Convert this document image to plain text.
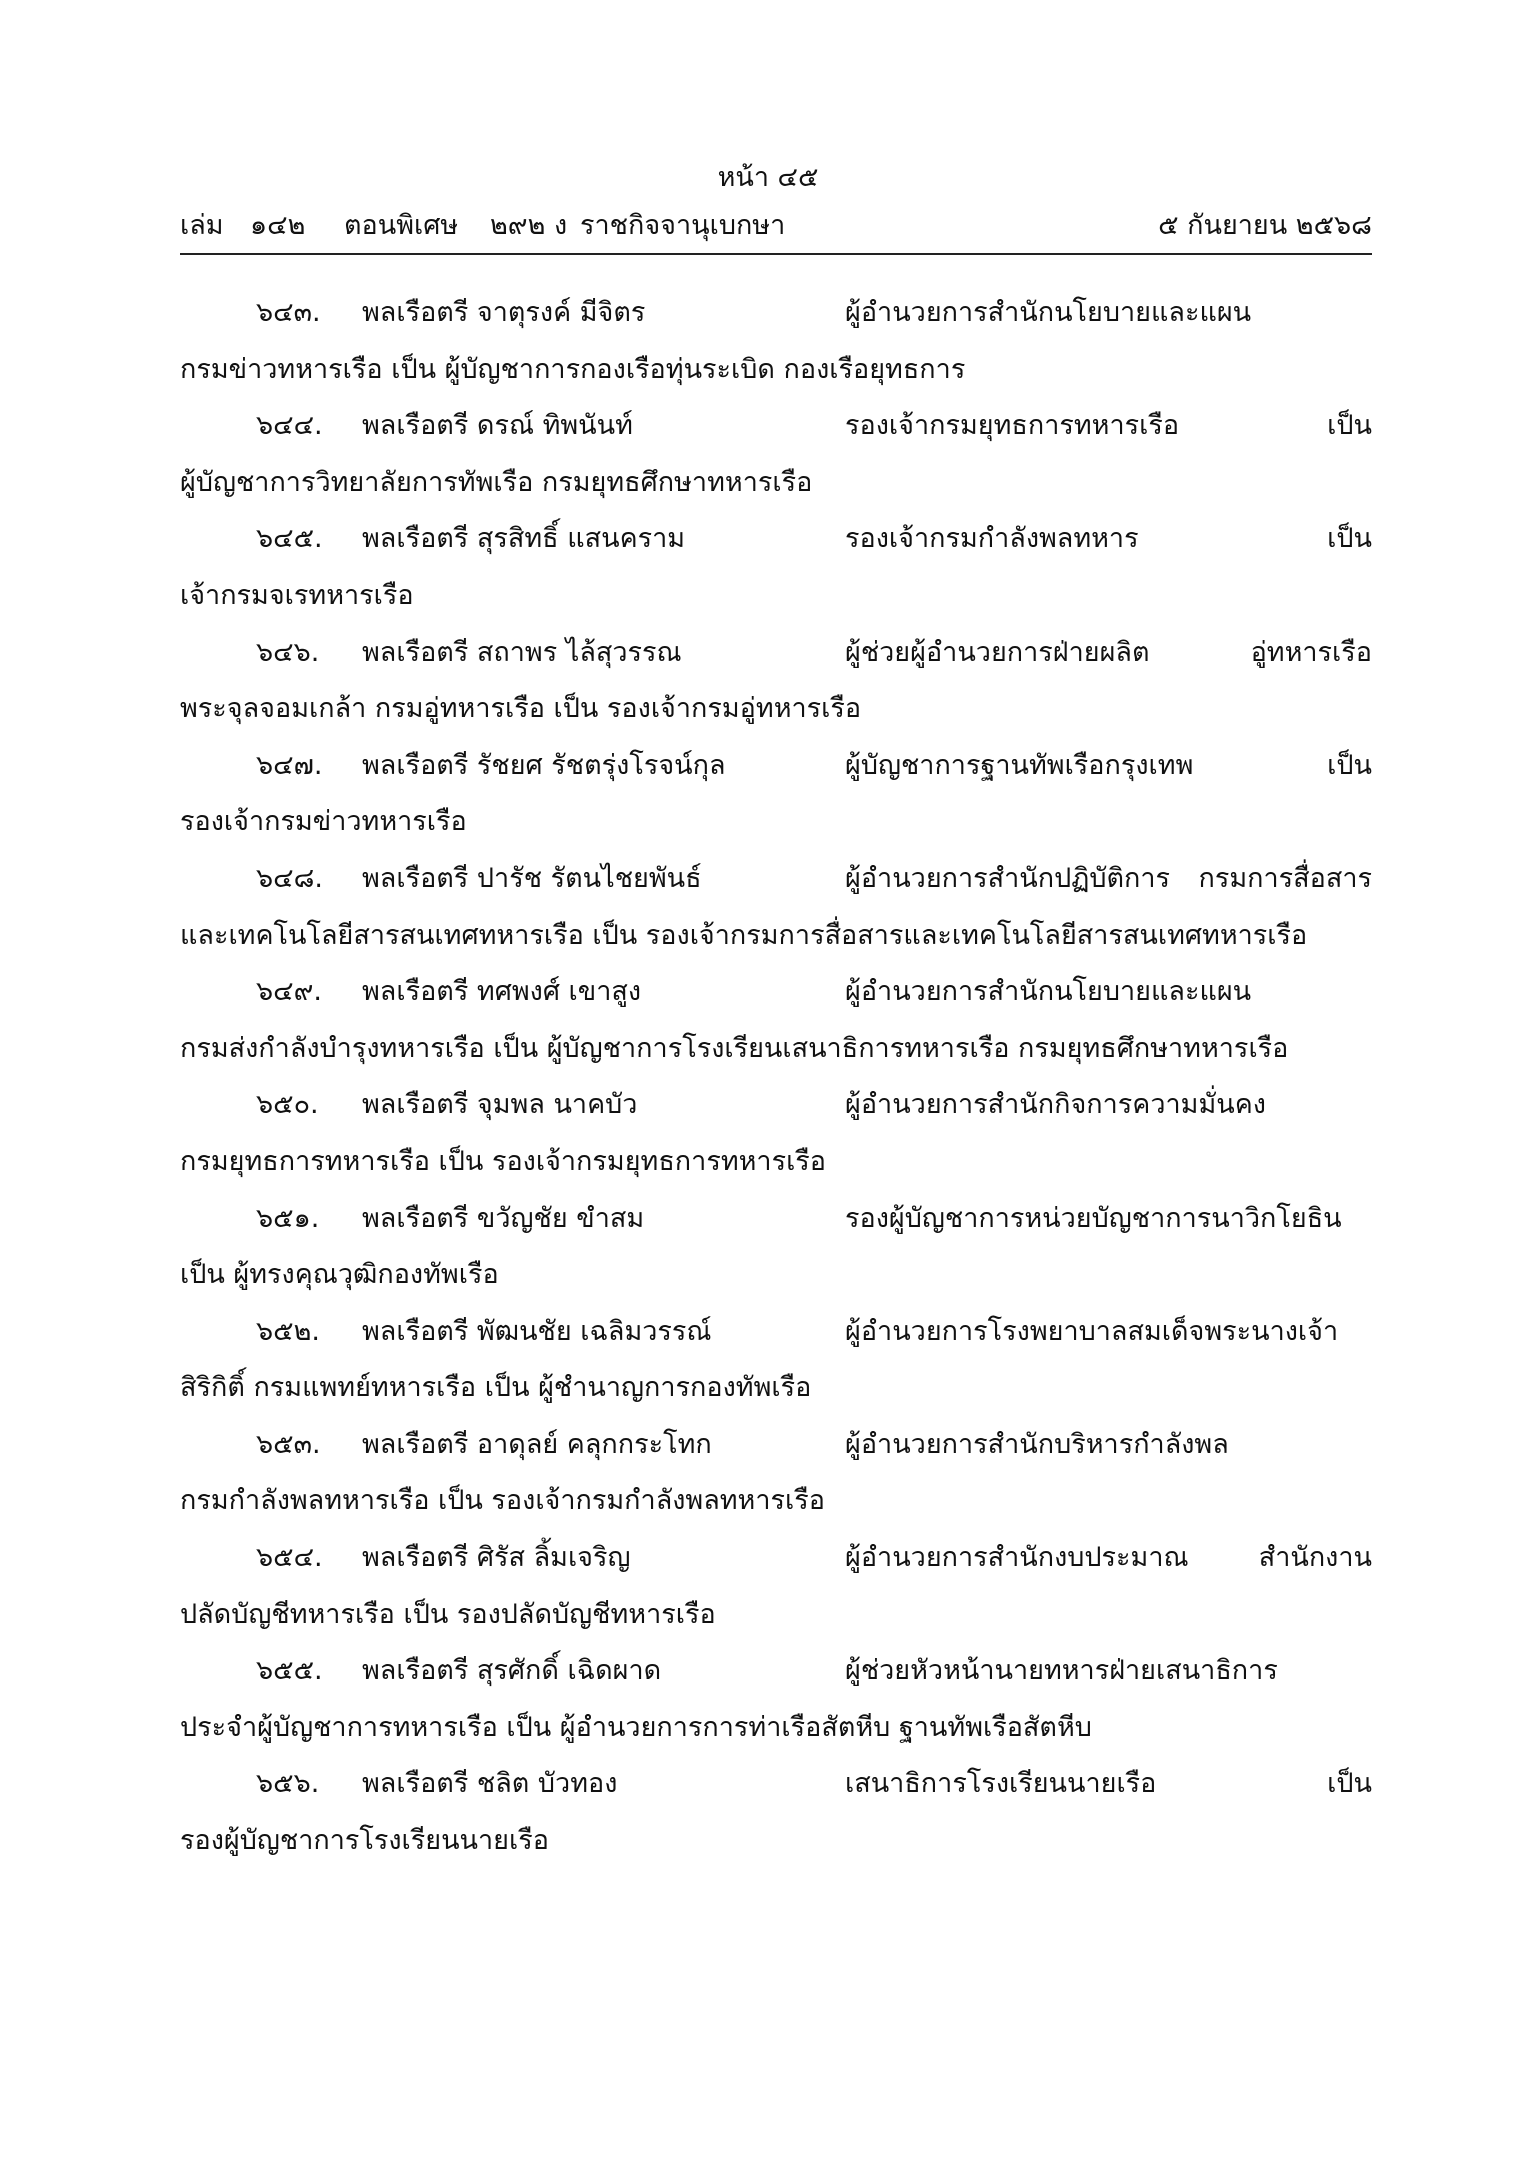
หน้า ๔๕
เล่ม ๑๔๒ ตอนพิเศษ ๒๙๒ ง ราชกิจจานุเบกษา	๕ กันยายน ๒๕๖๘
๖๔๓.	พลเรือตรี จาตุรงค์ มีจิตร	ผู้อำนวยการสำนักนโยบายและแผน
กรมข่าวทหารเรือ เป็น ผู้บัญชาการกองเรือทุ่นระเบิด กองเรือยุทธการ
๖๔๔.	พลเรือตรี ดรณ์ ทิพนันท์	รองเจ้ากรมยุทธการทหารเรือ เป็น
ผู้บัญชาการวิทยาลัยการทัพเรือ กรมยุทธศึกษาทหารเรือ
๖๔๕.	พลเรือตรี สุรสิทธิ์ แสนคราม	รองเจ้ากรมกำลังพลทหาร เป็น
เจ้ากรมจเรทหารเรือ
๖๔๖.	พลเรือตรี สถาพร ไล้สุวรรณ	ผู้ช่วยผู้อำนวยการฝ่ายผลิต อู่ทหารเรือ
พระจุลจอมเกล้า กรมอู่ทหารเรือ เป็น รองเจ้ากรมอู่ทหารเรือ
๖๔๗.	พลเรือตรี รัชยศ รัชตรุ่งโรจน์กุล	ผู้บัญชาการฐานทัพเรือกรุงเทพ เป็น
รองเจ้ากรมข่าวทหารเรือ
๖๔๘.	พลเรือตรี ปารัช รัตนไชยพันธ์	ผู้อำนวยการสำนักปฏิบัติการ กรมการสื่อสาร
และเทคโนโลยีสารสนเทศทหารเรือ เป็น รองเจ้ากรมการสื่อสารและเทคโนโลยีสารสนเทศทหารเรือ
๖๔๙.	พลเรือตรี ทศพงศ์ เขาสูง	ผู้อำนวยการสำนักนโยบายและแผน
กรมส่งกำลังบำรุงทหารเรือ เป็น ผู้บัญชาการโรงเรียนเสนาธิการทหารเรือ กรมยุทธศึกษาทหารเรือ
๖๕๐.	พลเรือตรี จุมพล นาคบัว	ผู้อำนวยการสำนักกิจการความมั่นคง
กรมยุทธการทหารเรือ เป็น รองเจ้ากรมยุทธการทหารเรือ
๖๕๑.	พลเรือตรี ขวัญชัย ขำสม	รองผู้บัญชาการหน่วยบัญชาการนาวิกโยธิน
เป็น ผู้ทรงคุณวุฒิกองทัพเรือ
๖๕๒.	พลเรือตรี พัฒนชัย เฉลิมวรรณ์	ผู้อำนวยการโรงพยาบาลสมเด็จพระนางเจ้า
สิริกิติ์ กรมแพทย์ทหารเรือ เป็น ผู้ชำนาญการกองทัพเรือ
๖๕๓.	พลเรือตรี อาดุลย์ คลุกกระโทก	ผู้อำนวยการสำนักบริหารกำลังพล
กรมกำลังพลทหารเรือ เป็น รองเจ้ากรมกำลังพลทหารเรือ
๖๕๔.	พลเรือตรี ศิรัส ลิ้มเจริญ	ผู้อำนวยการสำนักงบประมาณ สำนักงาน
ปลัดบัญชีทหารเรือ เป็น รองปลัดบัญชีทหารเรือ
๖๕๕.	พลเรือตรี สุรศักดิ์ เฉิดผาด	ผู้ช่วยหัวหน้านายทหารฝ่ายเสนาธิการ
ประจำผู้บัญชาการทหารเรือ เป็น ผู้อำนวยการการท่าเรือสัตหีบ ฐานทัพเรือสัตหีบ
๖๕๖.	พลเรือตรี ชลิต บัวทอง	เสนาธิการโรงเรียนนายเรือ เป็น
รองผู้บัญชาการโรงเรียนนายเรือ
